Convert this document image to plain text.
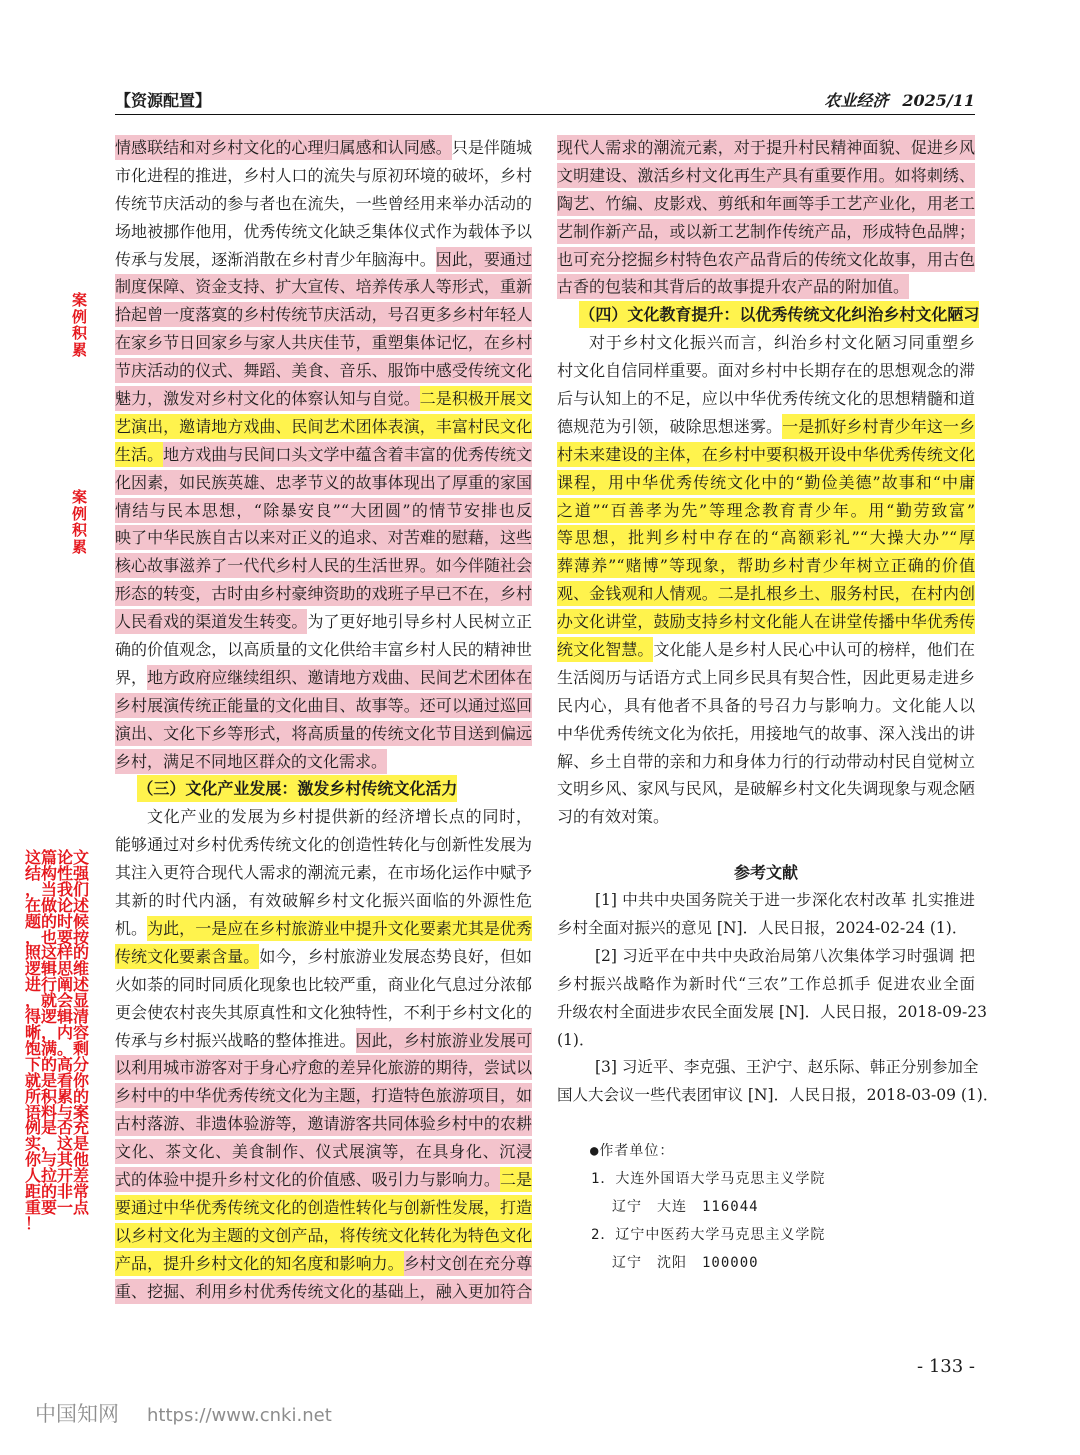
【资源配置】	农业经济 2025/11
情感联结和对乡村文化的心理归属感和认同感。只是伴随城
市化进程的推进，乡村人口的流失与原初环境的破坏，乡村
传统节庆活动的参与者也在流失，一些曾经用来举办活动的
场地被挪作他用，优秀传统文化缺乏集体仪式作为载体予以
传承与发展，逐渐消散在乡村青少年脑海中。因此，要通过
制度保障、资金支持、扩大宣传、培养传承人等形式，重新
拾起曾一度落寞的乡村传统节庆活动，号召更多乡村年轻人
在家乡节日回家乡与家人共庆佳节，重塑集体记忆，在乡村
节庆活动的仪式、舞蹈、美食、音乐、服饰中感受传统文化
魅力，激发对乡村文化的体察认知与自觉。二是积极开展文
艺演出，邀请地方戏曲、民间艺术团体表演，丰富村民文化
生活。地方戏曲与民间口头文学中蕴含着丰富的优秀传统文
化因素，如民族英雄、忠孝节义的故事体现出了厚重的家国
情结与民本思想，“除暴安良”“大团圆”的情节安排也反
映了中华民族自古以来对正义的追求、对苦难的慰藉，这些
核心故事滋养了一代代乡村人民的生活世界。如今伴随社会
形态的转变，古时由乡村豪绅资助的戏班子早已不在，乡村
人民看戏的渠道发生转变。为了更好地引导乡村人民树立正
确的价值观念，以高质量的文化供给丰富乡村人民的精神世
界，地方政府应继续组织、邀请地方戏曲、民间艺术团体在
乡村展演传统正能量的文化曲目、故事等。还可以通过巡回
演出、文化下乡等形式，将高质量的传统文化节目送到偏远
乡村，满足不同地区群众的文化需求。
（三）文化产业发展：激发乡村传统文化活力
文化产业的发展为乡村提供新的经济增长点的同时，
能够通过对乡村优秀传统文化的创造性转化与创新性发展为
其注入更符合现代人需求的潮流元素，在市场化运作中赋予
其新的时代内涵，有效破解乡村文化振兴面临的外源性危
机。为此，一是应在乡村旅游业中提升文化要素尤其是优秀
传统文化要素含量。如今，乡村旅游业发展态势良好，但如
火如荼的同时同质化现象也比较严重，商业化气息过分浓郁
更会使农村丧失其原真性和文化独特性，不利于乡村文化的
传承与乡村振兴战略的整体推进。因此，乡村旅游业发展可
以利用城市游客对于身心疗愈的差异化旅游的期待，尝试以
乡村中的中华优秀传统文化为主题，打造特色旅游项目，如
古村落游、非遗体验游等，邀请游客共同体验乡村中的农耕
文化、茶文化、美食制作、仪式展演等，在具身化、沉浸
式的体验中提升乡村文化的价值感、吸引力与影响力。二是
要通过中华优秀传统文化的创造性转化与创新性发展，打造
以乡村文化为主题的文创产品，将传统文化转化为特色文化
产品，提升乡村文化的知名度和影响力。乡村文创在充分尊
重、挖掘、利用乡村优秀传统文化的基础上，融入更加符合
现代人需求的潮流元素，对于提升村民精神面貌、促进乡风
文明建设、激活乡村文化再生产具有重要作用。如将刺绣、
陶艺、竹编、皮影戏、剪纸和年画等手工艺产业化，用老工
艺制作新产品，或以新工艺制作传统产品，形成特色品牌；
也可充分挖掘乡村特色农产品背后的传统文化故事，用古色
古香的包装和其背后的故事提升农产品的附加值。
（四）文化教育提升：以优秀传统文化纠治乡村文化陋习
对于乡村文化振兴而言，纠治乡村文化陋习同重塑乡
村文化自信同样重要。面对乡村中长期存在的思想观念的滞
后与认知上的不足，应以中华优秀传统文化的思想精髓和道
德规范为引领，破除思想迷雾。一是抓好乡村青少年这一乡
村未来建设的主体，在乡村中要积极开设中华优秀传统文化
课程，用中华优秀传统文化中的“勤俭美德”故事和“中庸
之道”“百善孝为先”等理念教育青少年。用“勤劳致富”
等思想，批判乡村中存在的“高额彩礼”“大操大办”“厚
葬薄养”“赌博”等现象，帮助乡村青少年树立正确的价值
观、金钱观和人情观。二是扎根乡土、服务村民，在村内创
办文化讲堂，鼓励支持乡村文化能人在讲堂传播中华优秀传
统文化智慧。文化能人是乡村人民心中认可的榜样，他们在
生活阅历与话语方式上同乡民具有契合性，因此更易走进乡
民内心，具有他者不具备的号召力与影响力。文化能人以
中华优秀传统文化为依托，用接地气的故事、深入浅出的讲
解、乡土自带的亲和力和身体力行的行动带动村民自觉树立
文明乡风、家风与民风，是破解乡村文化失调现象与观念陋
习的有效对策。
参考文献
[1] 中共中央国务院关于进一步深化农村改革 扎实推进
乡村全面对振兴的意见 [N]．人民日报，2024-02-24 (1)．
[2] 习近平在中共中央政治局第八次集体学习时强调 把
乡村振兴战略作为新时代“三农”工作总抓手 促进农业全面
升级农村全面进步农民全面发展 [N]．人民日报，2018-09-23
(1)．
[3] 习近平、李克强、王沪宁、赵乐际、韩正分别参加全
国人大会议一些代表团审议 [N]．人民日报，2018-03-09 (1)．
●作者单位：
1．大连外国语大学马克思主义学院
辽宁　大连　116044
2．辽宁中医药大学马克思主义学院
辽宁　沈阳　100000
案例积累
案例积累
这篇论文结构性强，当我们在做论述题的时候，也要按照这样的逻辑思维进行阐述，就会显得逻辑清晰，内容饱满。剩下的高分就是看你所积累的语料与案例是否充实，这是你与其他人拉开差距的非常重要一点！
- 133 -
中国知网 https://www.cnki.net
